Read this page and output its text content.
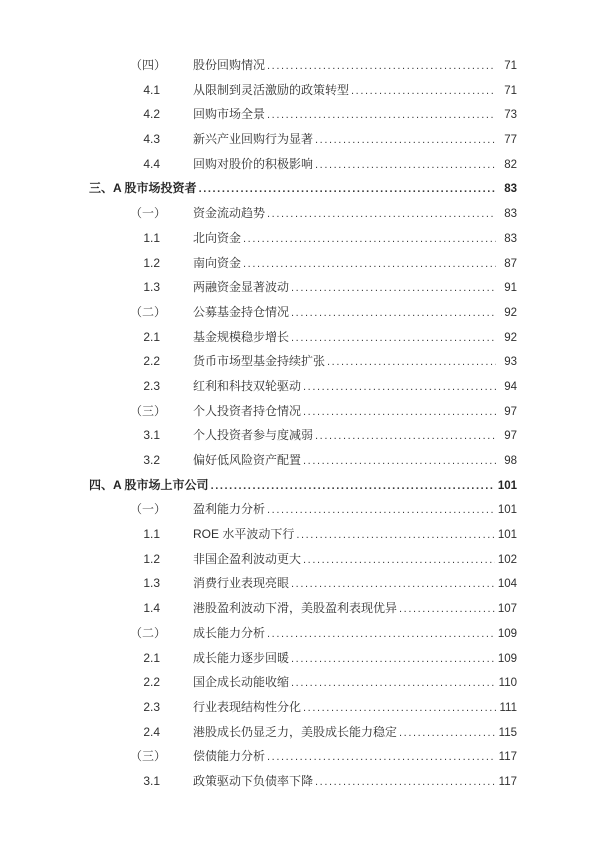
（四）	股份回购情况 .....	71
4.1	从限制到灵活激励的政策转型 .....	71
4.2	回购市场全景 .....	73
4.3	新兴产业回购行为显著 .....	77
4.4	回购对股价的积极影响 .....	82
三、 A 股市场投资者 .....	83
（一）	资金流动趋势 .....	83
1.1	北向资金 .....	83
1.2	南向资金 .....	87
1.3	两融资金显著波动 .....	91
（二）	公募基金持仓情况 .....	92
2.1	基金规模稳步增长 .....	92
2.2	货币市场型基金持续扩张 .....	93
2.3	红利和科技双轮驱动 .....	94
（三）	个人投资者持仓情况 .....	97
3.1	个人投资者参与度减弱 .....	97
3.2	偏好低风险资产配置 .....	98
四、 A 股市场上市公司 .....	101
（一）	盈利能力分析 .....	101
1.1	ROE 水平波动下行 .....	101
1.2	非国企盈利波动更大 .....	102
1.3	消费行业表现亮眼 .....	104
1.4	港股盈利波动下滑，美股盈利表现优异 .....	107
（二）	成长能力分析 .....	109
2.1	成长能力逐步回暖 .....	109
2.2	国企成长动能收缩 .....	110
2.3	行业表现结构性分化 .....	111
2.4	港股成长仍显乏力，美股成长能力稳定 .....	115
（三）	偿债能力分析 .....	117
3.1	政策驱动下负债率下降 .....	117
